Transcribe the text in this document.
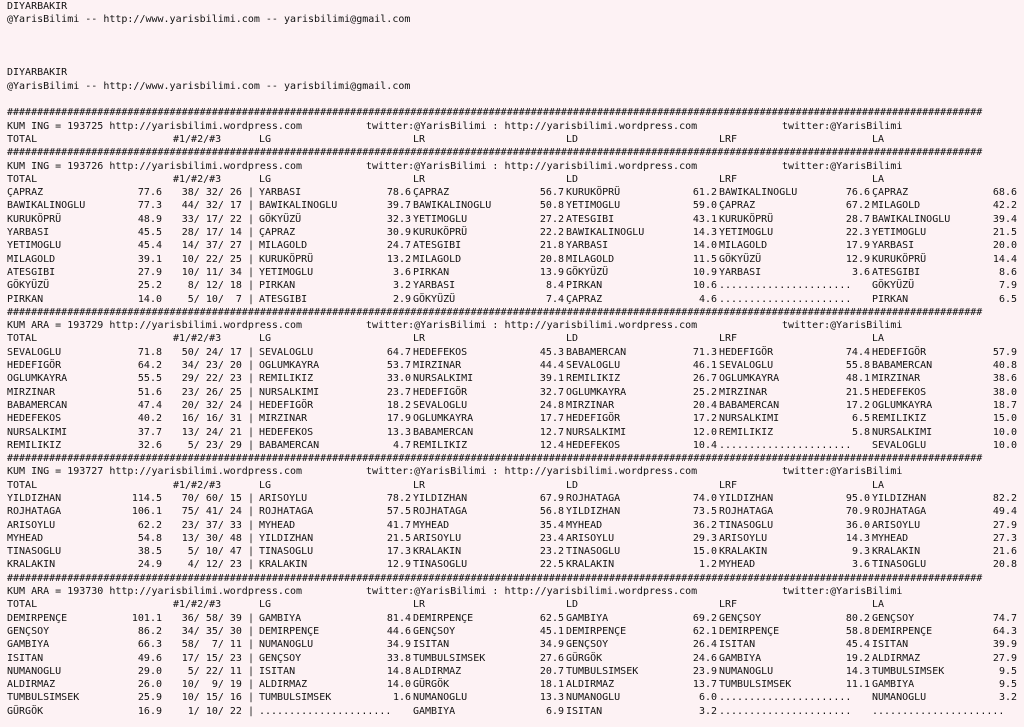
DIYARBAKIR
@YarisBilimi -- http://www.yarisbilimi.com -- yarisbilimi@gmail.com
DIYARBAKIR
@YarisBilimi -- http://www.yarisbilimi.com -- yarisbilimi@gmail.com
##################################################################################################################################################################
KUM ING = 193725 http://yarisbilimi.wordpress.com	twitter:@YarisBilimi : http://yarisbilimi.wordpress.com	twitter:@YarisBilimi
TOTAL	#1/#2/#3	LG	LR	LD	LRF	LA
##################################################################################################################################################################
KUM ING = 193726 http://yarisbilimi.wordpress.com	twitter:@YarisBilimi : http://yarisbilimi.wordpress.com	twitter:@YarisBilimi
TOTAL	#1/#2/#3	LG	LR	LD	LRF	LA
ÇAPRAZ	77.6 38/ 32/ 26 | YARBASI	78.6 ÇAPRAZ	56.7 KURUKÖPRÜ	61.2 BAWIKALINOGLU	76.6 ÇAPRAZ	68.6
BAWIKALINOGLU	77.3 44/ 32/ 17 | BAWIKALINOGLU	39.7 BAWIKALINOGLU	50.8 YETIMOGLU	59.0 ÇAPRAZ	67.2 MILAGOLD	42.2
KURUKÖPRÜ	48.9 33/ 17/ 22 | GÖKYÜZÜ	32.3 YETIMOGLU	27.2 ATESGIBI	43.1 KURUKÖPRÜ	28.7 BAWIKALINOGLU	39.4
YARBASI	45.5 28/ 17/ 14 | ÇAPRAZ	30.9 KURUKÖPRÜ	22.2 BAWIKALINOGLU	14.3 YETIMOGLU	22.3 YETIMOGLU	21.5
YETIMOGLU	45.4 14/ 37/ 27 | MILAGOLD	24.7 ATESGIBI	21.8 YARBASI	14.0 MILAGOLD	17.9 YARBASI	20.0
MILAGOLD	39.1 10/ 22/ 25 | KURUKÖPRÜ	13.2 MILAGOLD	20.8 MILAGOLD	11.5 GÖKYÜZÜ	12.9 KURUKÖPRÜ	14.4
ATESGIBI	27.9 10/ 11/ 34 | YETIMOGLU	3.6 PIRKAN	13.9 GÖKYÜZÜ	10.9 YARBASI	3.6 ATESGIBI	8.6
GÖKYÜZÜ	25.2	8/ 12/ 18 | PIRKAN	3.2 YARBASI	8.4 PIRKAN	10.6 ...................... GÖKYÜZÜ	7.9
PIRKAN	14.0	5/ 10/  7 | ATESGIBI	2.9 GÖKYÜZÜ	7.4 ÇAPRAZ	4.6 ...................... PIRKAN	6.5
##################################################################################################################################################################
KUM ARA = 193729 http://yarisbilimi.wordpress.com	twitter:@YarisBilimi : http://yarisbilimi.wordpress.com	twitter:@YarisBilimi
TOTAL	#1/#2/#3	LG	LR	LD	LRF	LA
SEVALOGLU	71.8 50/ 24/ 17 | SEVALOGLU	64.7 HEDEFEKOS	45.3 BABAMERCAN	71.3 HEDEFIGÖR	74.4 HEDEFIGÖR	57.9
HEDEFIGÖR	64.2 34/ 23/ 20 | OGLUMKAYRA	53.7 MIRZINAR	44.4 SEVALOGLU	46.1 SEVALOGLU	55.8 BABAMERCAN	40.8
OGLUMKAYRA	55.5 29/ 22/ 23 | REMILIKIZ	33.0 NURSALKIMI	39.1 REMILIKIZ	26.7 OGLUMKAYRA	48.1 MIRZINAR	38.6
MIRZINAR	51.6 23/ 26/ 25 | NURSALKIMI	23.7 HEDEFIGÖR	32.7 OGLUMKAYRA	25.2 MIRZINAR	21.5 HEDEFEKOS	38.0
BABAMERCAN	47.4 20/ 32/ 24 | HEDEFIGÖR	18.2 SEVALOGLU	24.8 MIRZINAR	20.4 BABAMERCAN	17.2 OGLUMKAYRA	18.7
HEDEFEKOS	40.2 16/ 16/ 31 | MIRZINAR	17.9 OGLUMKAYRA	17.7 HEDEFIGÖR	17.2 NURSALKIMI	6.5 REMILIKIZ	15.0
NURSALKIMI	37.7 13/ 24/ 21 | HEDEFEKOS	13.3 BABAMERCAN	12.7 NURSALKIMI	12.0 REMILIKIZ	5.8 NURSALKIMI	10.0
REMILIKIZ	32.6	5/ 23/ 29 | BABAMERCAN	4.7 REMILIKIZ	12.4 HEDEFEKOS	10.4 ...................... SEVALOGLU	10.0
##################################################################################################################################################################
KUM ING = 193727 http://yarisbilimi.wordpress.com	twitter:@YarisBilimi : http://yarisbilimi.wordpress.com	twitter:@YarisBilimi
TOTAL	#1/#2/#3	LG	LR	LD	LRF	LA
YILDIZHAN	114.5 70/ 60/ 15 | ARISOYLU	78.2 YILDIZHAN	67.9 ROJHATAGA	74.0 YILDIZHAN	95.0 YILDIZHAN	82.2
ROJHATAGA	106.1 75/ 41/ 24 | ROJHATAGA	57.5 ROJHATAGA	56.8 YILDIZHAN	73.5 ROJHATAGA	70.9 ROJHATAGA	49.4
ARISOYLU	62.2 23/ 37/ 33 | MYHEAD	41.7 MYHEAD	35.4 MYHEAD	36.2 TINASOGLU	36.0 ARISOYLU	27.9
MYHEAD	54.8 13/ 30/ 48 | YILDIZHAN	21.5 ARISOYLU	23.4 ARISOYLU	29.3 ARISOYLU	14.3 MYHEAD	27.3
TINASOGLU	38.5	5/ 10/ 47 | TINASOGLU	17.3 KRALAKIN	23.2 TINASOGLU	15.0 KRALAKIN	9.3 KRALAKIN	21.6
KRALAKIN	24.9	4/ 12/ 23 | KRALAKIN	12.9 TINASOGLU	22.5 KRALAKIN	1.2 MYHEAD	3.6 TINASOGLU	20.8
##################################################################################################################################################################
KUM ARA = 193730 http://yarisbilimi.wordpress.com	twitter:@YarisBilimi : http://yarisbilimi.wordpress.com	twitter:@YarisBilimi
TOTAL	#1/#2/#3	LG	LR	LD	LRF	LA
DEMIRPENÇE	101.1 36/ 58/ 39 | GAMBIYA	81.4 DEMIRPENÇE	62.5 GAMBIYA	69.2 GENÇSOY	80.2 GENÇSOY	74.7
GENÇSOY	86.2 34/ 35/ 30 | DEMIRPENÇE	44.6 GENÇSOY	45.1 DEMIRPENÇE	62.1 DEMIRPENÇE	58.8 DEMIRPENÇE	64.3
GAMBIYA	66.3 58/  7/ 11 | NUMANOGLU	34.9 ISITAN	34.9 GENÇSOY	26.4 ISITAN	45.4 ISITAN	39.9
ISITAN	49.6 17/ 15/ 23 | GENÇSOY	33.8 TUMBULSIMSEK	27.6 GÜRGÖK	24.6 GAMBIYA	19.2 ALDIRMAZ	27.9
NUMANOGLU	29.0	5/ 22/ 11 | ISITAN	14.8 ALDIRMAZ	20.7 TUMBULSIMSEK	23.9 NUMANOGLU	14.3 TUMBULSIMSEK	9.5
ALDIRMAZ	26.0 10/  9/ 19 | ALDIRMAZ	14.0 GÜRGÖK	18.1 ALDIRMAZ	13.7 TUMBULSIMSEK	11.1 GAMBIYA	9.5
TUMBULSIMSEK	25.9 10/ 15/ 16 | TUMBULSIMSEK	1.6 NUMANOGLU	13.3 NUMANOGLU	6.0 ...................... NUMANOGLU	3.2
GÜRGÖK	16.9	1/ 10/ 22 | ...................... GAMBIYA	6.9 ISITAN	3.2 ...................... ......................
